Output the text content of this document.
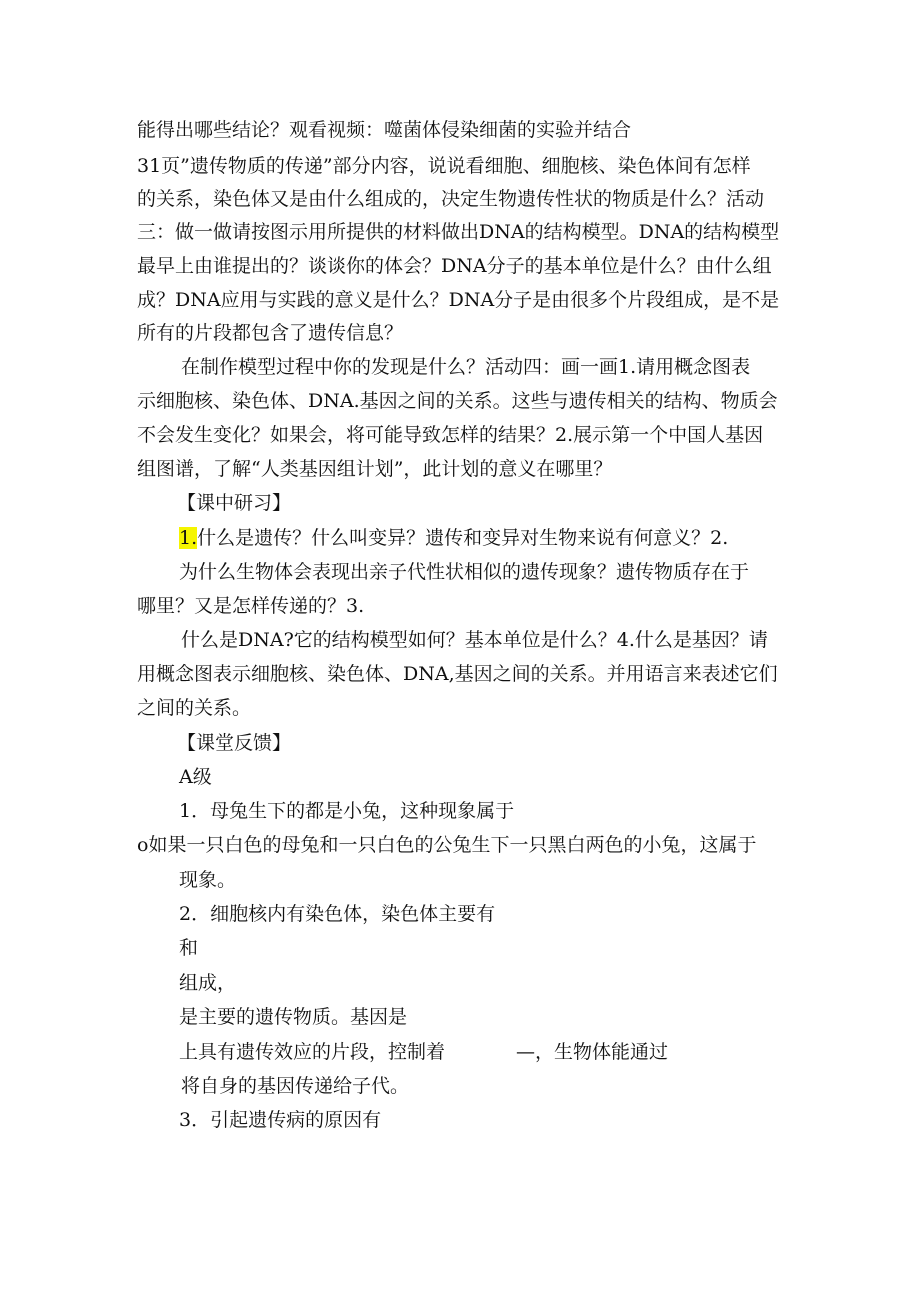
能得出哪些结论？观看视频：噬菌体侵染细菌的实验并结合
31页”遗传物质的传递”部分内容，说说看细胞、细胞核、染色体间有怎样
的关系，染色体又是由什么组成的，决定生物遗传性状的物质是什么？活动
三：做一做请按图示用所提供的材料做出DNA的结构模型。DNA的结构模型
最早上由谁提出的？谈谈你的体会？DNA分子的基本单位是什么？由什么组
成？DNA应用与实践的意义是什么？DNA分子是由很多个片段组成，是不是
所有的片段都包含了遗传信息？
在制作模型过程中你的发现是什么？活动四：画一画1.请用概念图表
示细胞核、染色体、DNA.基因之间的关系。这些与遗传相关的结构、物质会
不会发生变化？如果会，将可能导致怎样的结果？2.展示第一个中国人基因
组图谱，了解“人类基因组计划”，此计划的意义在哪里？
【课中研习】
1.什么是遗传？什么叫变异？遗传和变异对生物来说有何意义？2.
为什么生物体会表现出亲子代性状相似的遗传现象？遗传物质存在于
哪里？又是怎样传递的？3.
什么是DNA?它的结构模型如何？基本单位是什么？4.什么是基因？请
用概念图表示细胞核、染色体、DNA,基因之间的关系。并用语言来表述它们
之间的关系。
【课堂反馈】
A级
1．母兔生下的都是小兔，这种现象属于
o如果一只白色的母兔和一只白色的公兔生下一只黑白两色的小兔，这属于
现象。
2．细胞核内有染色体，染色体主要有
和
组成，
是主要的遗传物质。基因是
上具有遗传效应的片段，控制着	—，生物体能通过
将自身的基因传递给子代。
3．引起遗传病的原因有
